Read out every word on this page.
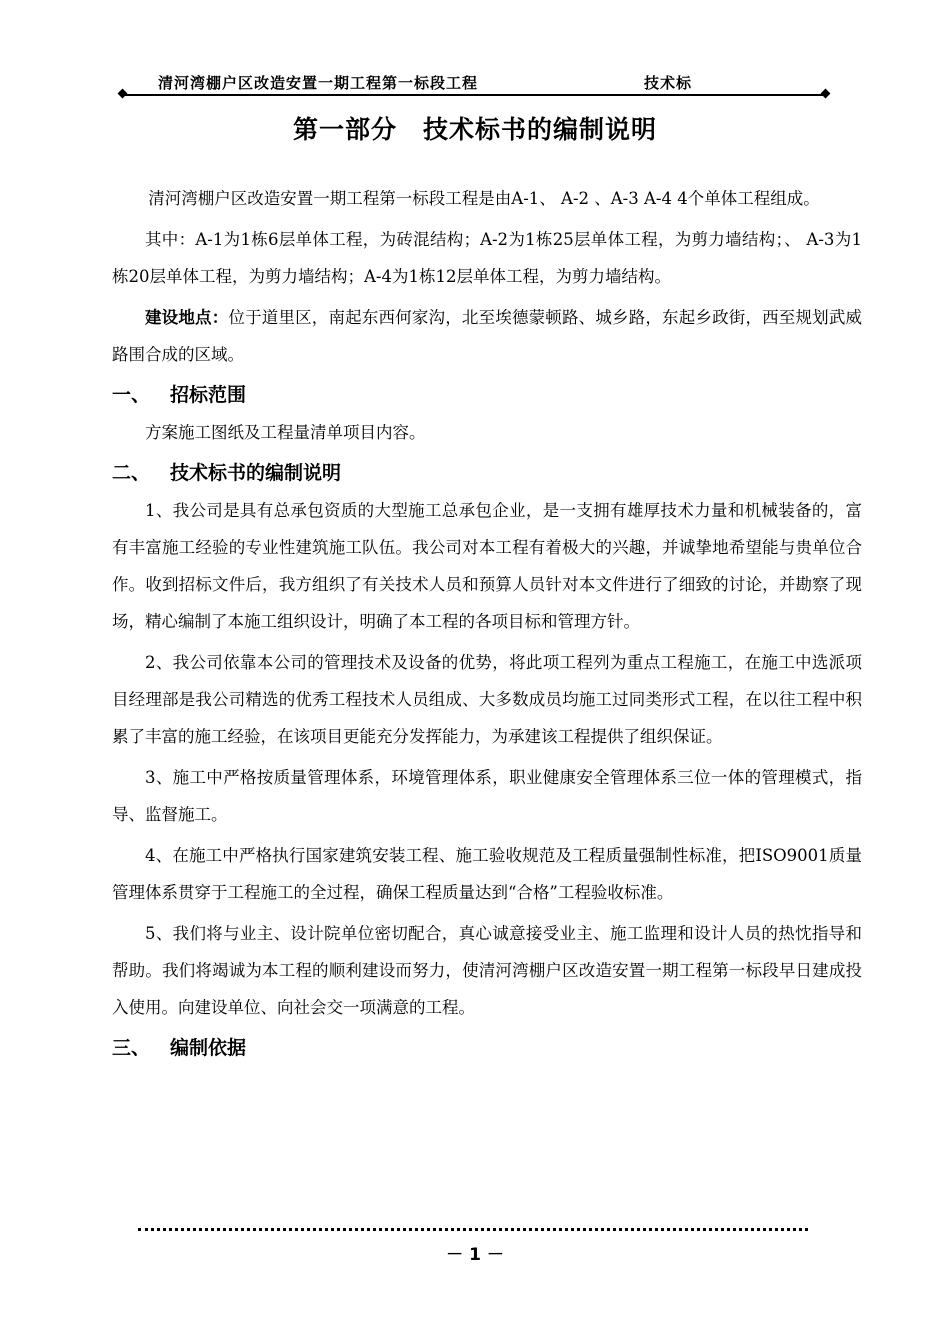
清河湾棚户区改造安置一期工程第一标段工程	技术标
第一部分 技术标书的编制说明

清河湾棚户区改造安置一期工程第一标段工程是由A-1、 A-2 、A-3 A-4 4个单体工程组成。

其中：A-1为1栋6层单体工程，为砖混结构；A-2为1栋25层单体工程，为剪力墙结构；、 A-3为1栋20层单体工程，为剪力墙结构；A-4为1栋12层单体工程，为剪力墙结构。

建设地点：位于道里区，南起东西何家沟，北至埃德蒙顿路、城乡路，东起乡政街，西至规划武威路围合成的区域。

一、 招标范围

方案施工图纸及工程量清单项目内容。

二、 技术标书的编制说明

1、我公司是具有总承包资质的大型施工总承包企业，是一支拥有雄厚技术力量和机械装备的，富有丰富施工经验的专业性建筑施工队伍。我公司对本工程有着极大的兴趣，并诚挚地希望能与贵单位合作。收到招标文件后，我方组织了有关技术人员和预算人员针对本文件进行了细致的讨论，并勘察了现场，精心编制了本施工组织设计，明确了本工程的各项目标和管理方针。

2、我公司依靠本公司的管理技术及设备的优势，将此项工程列为重点工程施工，在施工中选派项目经理部是我公司精选的优秀工程技术人员组成、大多数成员均施工过同类形式工程，在以往工程中积累了丰富的施工经验，在该项目更能充分发挥能力，为承建该工程提供了组织保证。

3、施工中严格按质量管理体系，环境管理体系，职业健康安全管理体系三位一体的管理模式，指导、监督施工。

4、在施工中严格执行国家建筑安装工程、施工验收规范及工程质量强制性标准，把ISO9001质量管理体系贯穿于工程施工的全过程，确保工程质量达到“合格”工程验收标准。

5、我们将与业主、设计院单位密切配合，真心诚意接受业主、施工监理和设计人员的热忱指导和帮助。我们将竭诚为本工程的顺利建设而努力，使清河湾棚户区改造安置一期工程第一标段早日建成投入使用。向建设单位、向社会交一项满意的工程。

三、 编制依据
－ 1 －
